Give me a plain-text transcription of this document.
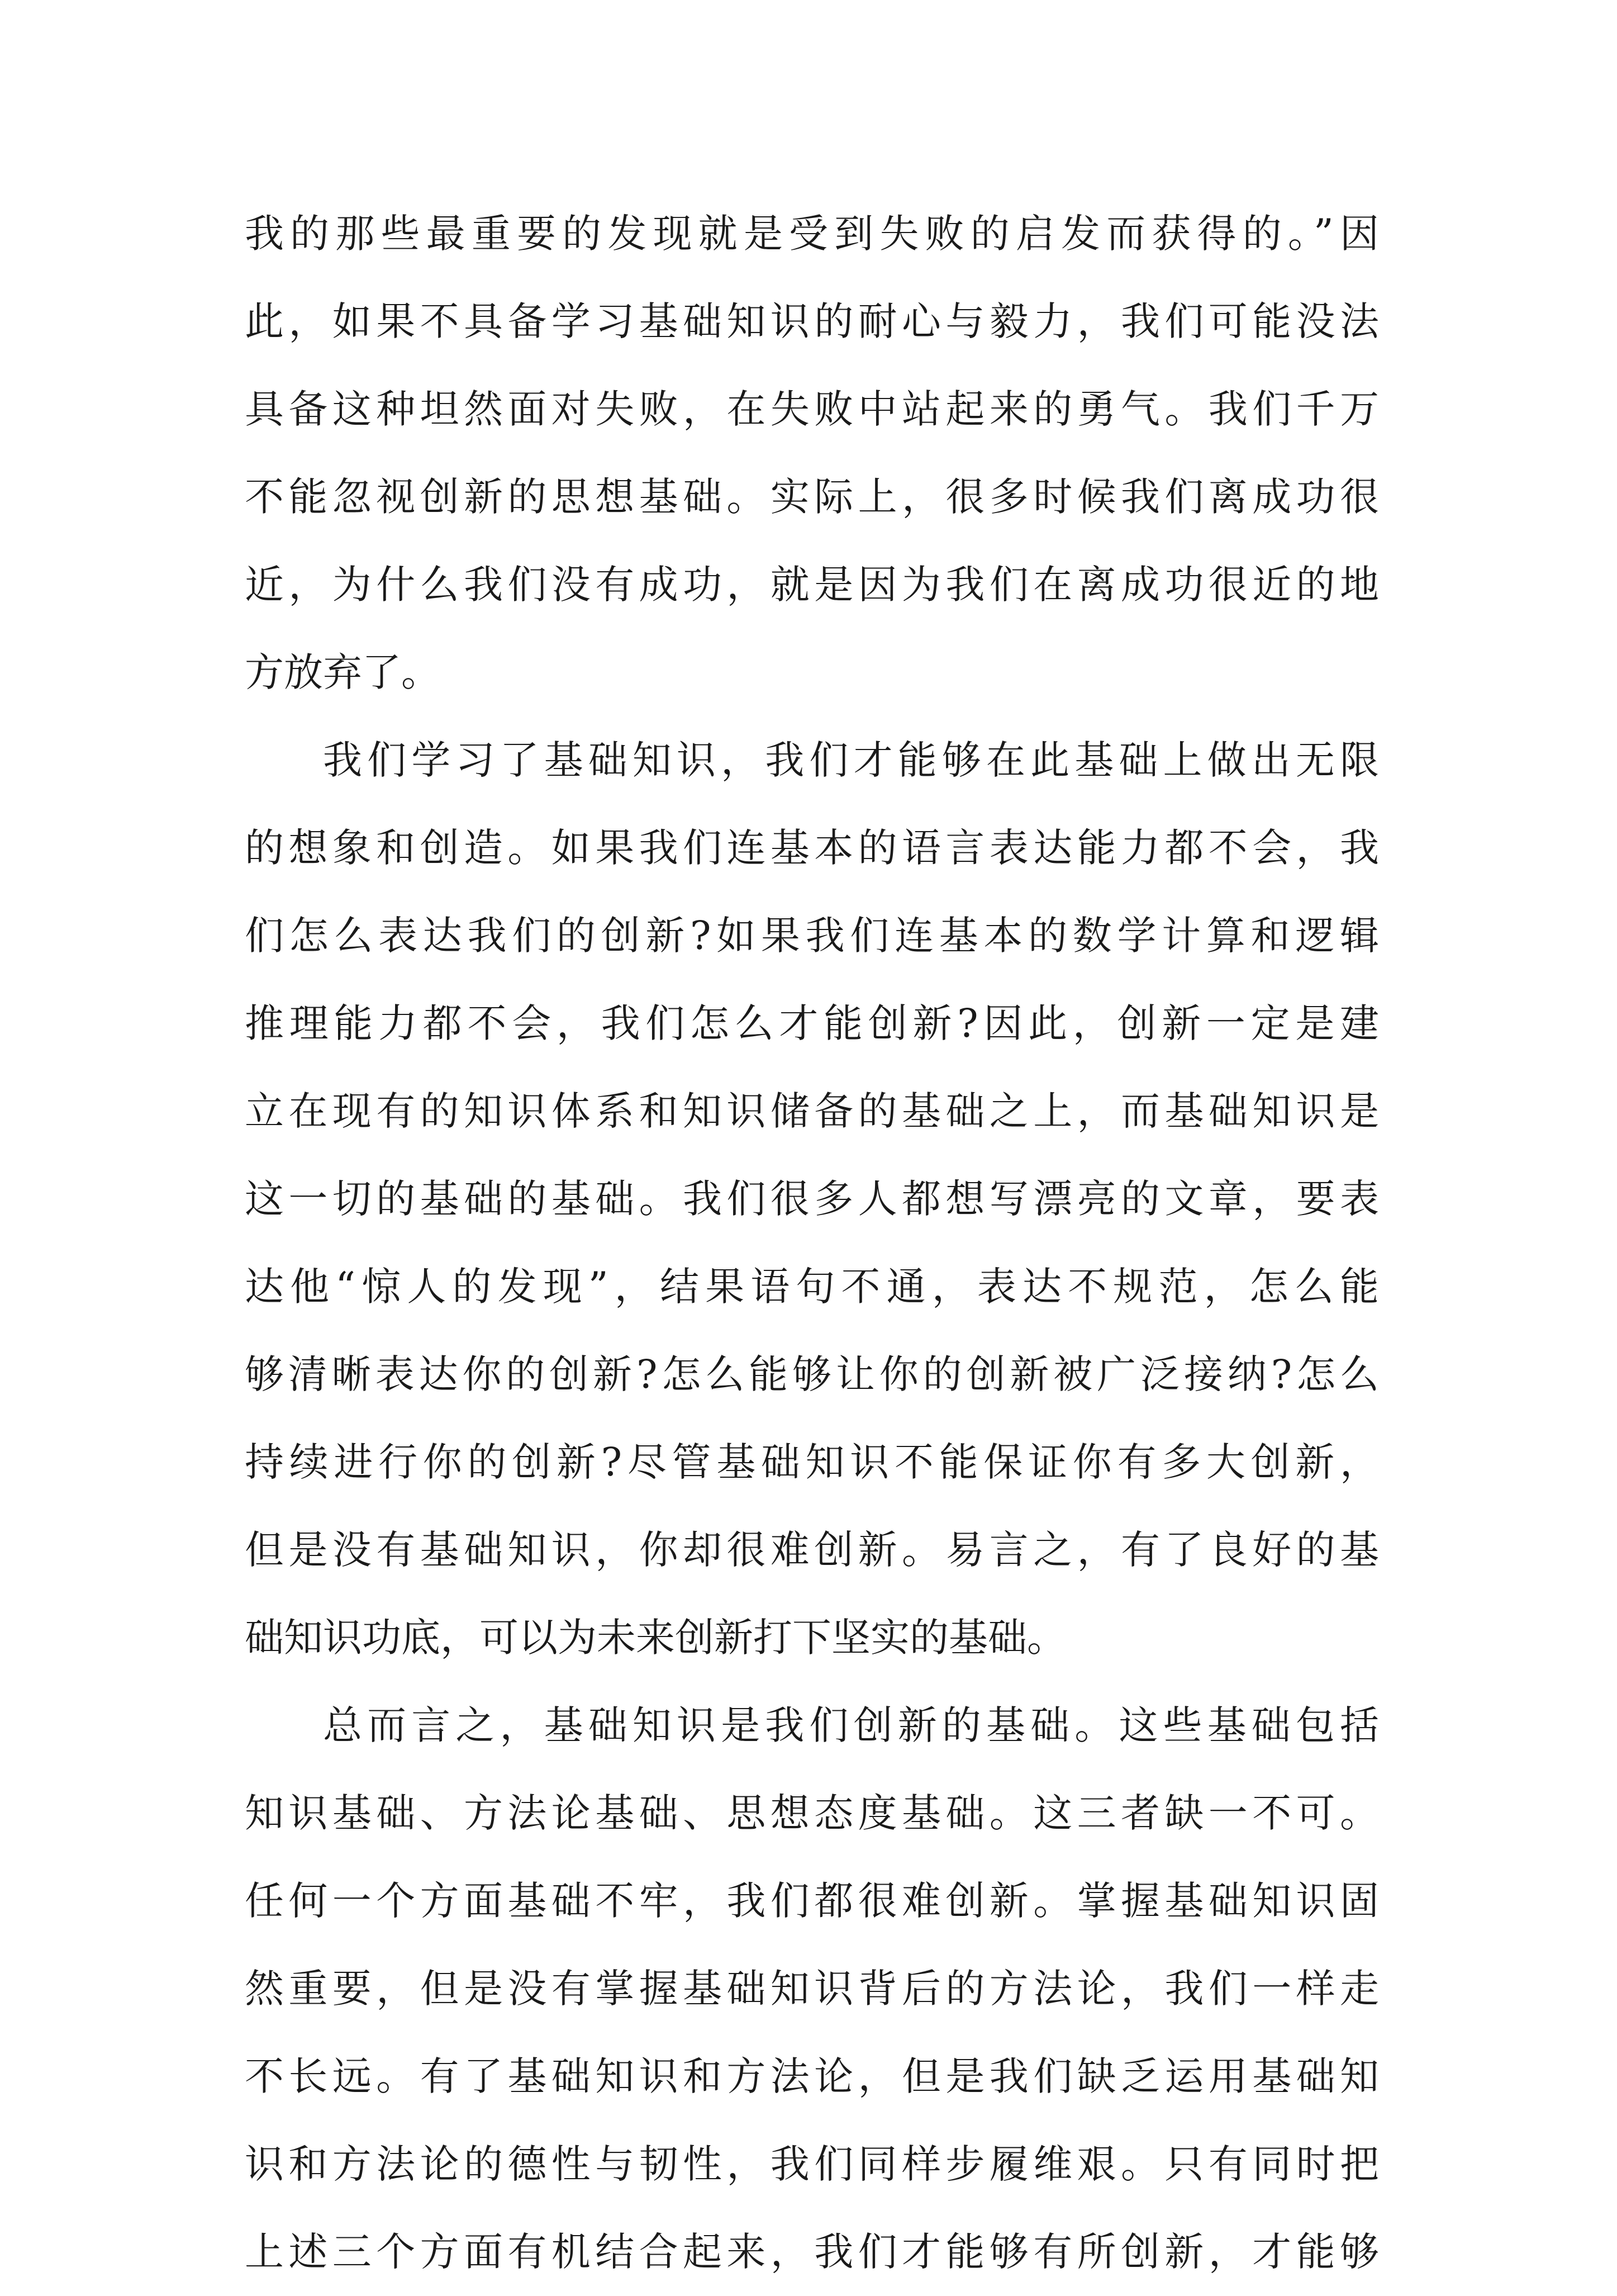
我的那些最重要的发现就是受到失败的启发而获得的。”因
此，如果不具备学习基础知识的耐心与毅力，我们可能没法
具备这种坦然面对失败，在失败中站起来的勇气。我们千万
不能忽视创新的思想基础。实际上，很多时候我们离成功很
近，为什么我们没有成功，就是因为我们在离成功很近的地
方放弃了。
我们学习了基础知识，我们才能够在此基础上做出无限
的想象和创造。如果我们连基本的语言表达能力都不会，我
们怎么表达我们的创新?如果我们连基本的数学计算和逻辑
推理能力都不会，我们怎么才能创新?因此，创新一定是建
立在现有的知识体系和知识储备的基础之上，而基础知识是
这一切的基础的基础。我们很多人都想写漂亮的文章，要表
达他“惊人的发现”，结果语句不通，表达不规范，怎么能
够清晰表达你的创新?怎么能够让你的创新被广泛接纳?怎么
持续进行你的创新?尽管基础知识不能保证你有多大创新，
但是没有基础知识，你却很难创新。易言之，有了良好的基
础知识功底，可以为未来创新打下坚实的基础。
总而言之，基础知识是我们创新的基础。这些基础包括
知识基础、方法论基础、思想态度基础。这三者缺一不可。
任何一个方面基础不牢，我们都很难创新。掌握基础知识固
然重要，但是没有掌握基础知识背后的方法论，我们一样走
不长远。有了基础知识和方法论，但是我们缺乏运用基础知
识和方法论的德性与韧性，我们同样步履维艰。只有同时把
上述三个方面有机结合起来，我们才能够有所创新，才能够
